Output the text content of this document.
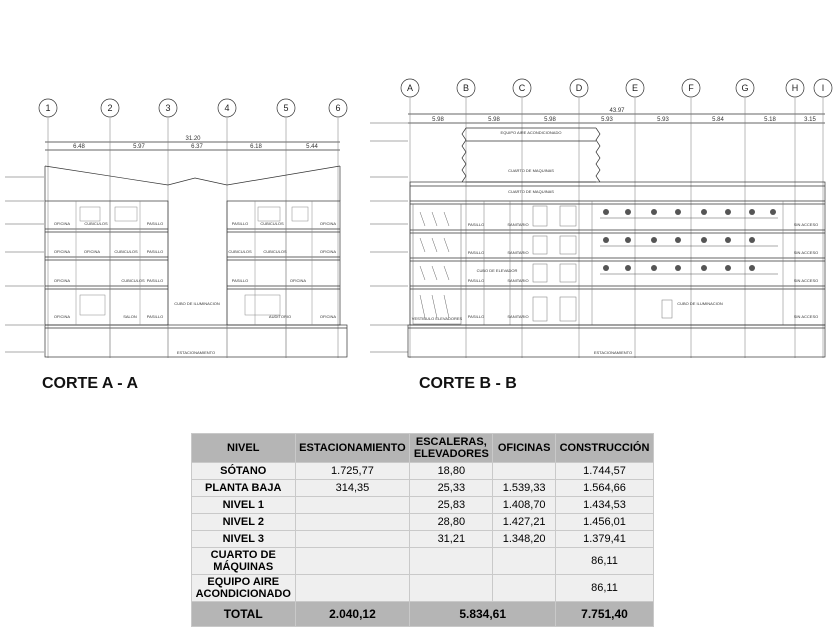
1	2	3	4	5	6
A	B	C	D	E	F	G	H	I
31.20
6.48	5.97	6.37	6.18	5.44
43.97
5.98	5.98	5.98	5.93	5.93	5.84	5.18	3.15
OFICINA	PASILLO
CUBICULOS
CUBICULOS	OFICINA
OFICINA	OFICINA
CUBICULOS
PASILLO
PASILLO
CUBICULOS	OFICINA
OFICINA
CUBICULOS
PASILLO	PASILLO	OFICINA
OFICINA	SALON	AUDITORIO	OFICINA
PASILLO
CUBICULOS
CUBO DE ILUMINACION
ESTACIONAMIENTO
EQUIPO AIRE ACONDICIONADO
CUARTO DE MAQUINAS
CUARTO DE MAQUINAS
CUBO DE ELEVADOR
PASILLO
PASILLO
PASILLO
PASILLO
SANITARIO
SANITARIO
SANITARIO
SANITARIO
VESTIBULO ELEVADORES
CUBO DE ILUMINACION
SIN ACCESO
SIN ACCESO
SIN ACCESO
SIN ACCESO
ESTACIONAMIENTO
CORTE A - A	CORTE B - B
NIVEL	ESTACIONAMIENTO	ESCALERAS, ELEVADORES	OFICINAS	CONSTRUCCIÓN
SÓTANO	1.725,77	18,80		1.744,57
PLANTA BAJA	314,35	25,33	1.539,33	1.564,66
NIVEL 1		25,83	1.408,70	1.434,53
NIVEL 2		28,80	1.427,21	1.456,01
NIVEL 3		31,21	1.348,20	1.379,41
CUARTO DE MÁQUINAS				86,11
EQUIPO AIRE ACONDICIONADO				86,11
TOTAL	2.040,12	5.834,61		7.751,40
